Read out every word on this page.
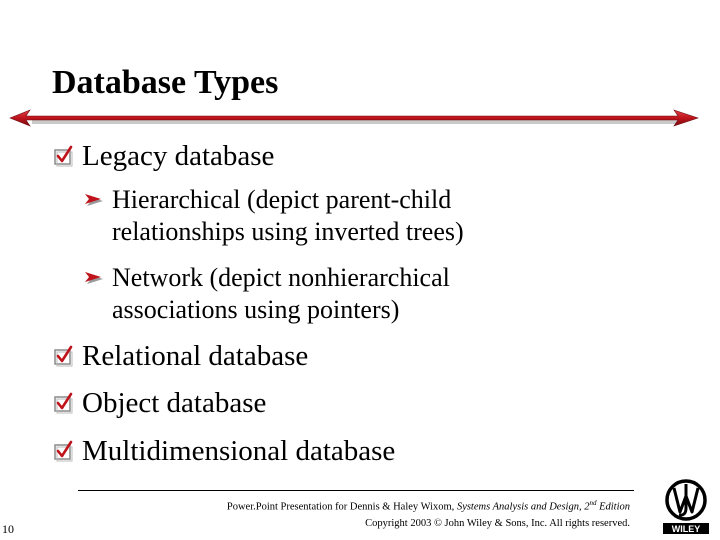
Database Types
Legacy database
Hierarchical (depict parent-child relationships using inverted trees)
Network (depict nonhierarchical associations using pointers)
Relational database
Object database
Multidimensional database
Power.Point Presentation for Dennis & Haley Wixom, Systems Analysis and Design, 2nd Edition
Copyright 2003 © John Wiley & Sons, Inc. All rights reserved.
10	WILEY
